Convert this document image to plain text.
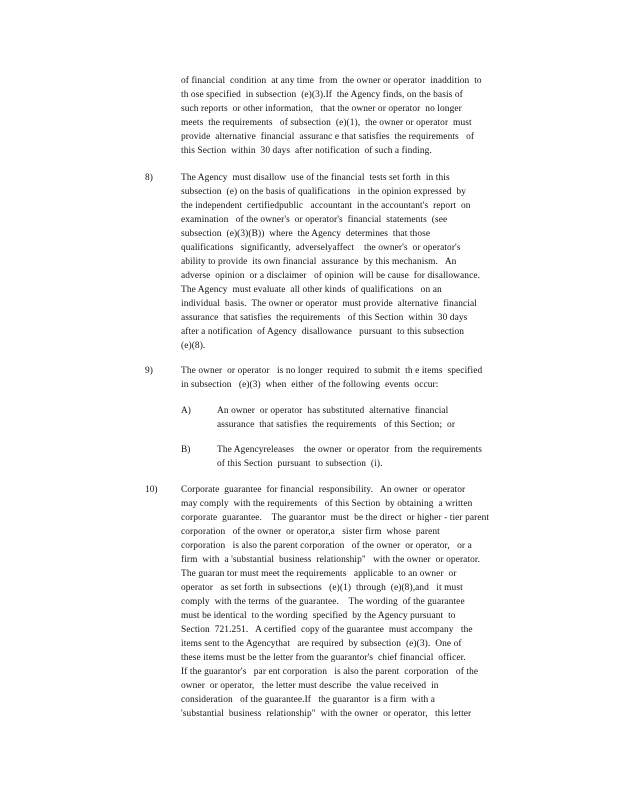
of financial  condition  at any time  from  the owner or operator  inaddition  to
th ose specified  in subsection  (e)(3).If  the Agency finds, on the basis of
such reports  or other information,   that the owner or operator  no longer
meets  the requirements   of subsection  (e)(1),  the owner or operator  must
provide  alternative  financial  assuranc e that satisfies  the requirements   of
this Section  within  30 days  after notification  of such a finding.
8)	The Agency  must disallow  use of the financial  tests set forth  in this
subsection  (e) on the basis of qualifications   in the opinion expressed  by
the independent  certifiedpublic   accountant  in the accountant's  report  on
examination   of the owner's  or operator's  financial  statements  (see
subsection  (e)(3)(B))  where  the Agency  determines  that those
qualifications   significantly,  adverselyaffect    the owner's  or operator's
ability to provide  its own financial  assurance  by this mechanism.   An
adverse  opinion  or a disclaimer   of opinion  will be cause  for disallowance.
The Agency  must evaluate  all other kinds  of qualifications   on an
individual  basis.  The owner or operator  must provide  alternative  financial
assurance  that satisfies  the requirements   of this Section  within  30 days
after a notification  of Agency  disallowance   pursuant  to this subsection
(e)(8).
9)	The owner  or operator   is no longer  required  to submit  th e items  specified
in subsection   (e)(3)  when  either  of the following  events  occur:
A)	An owner  or operator  has substituted  alternative  financial
assurance  that satisfies  the requirements   of this Section;  or
B)	The Agencyreleases    the owner  or operator  from  the requirements
of this Section  pursuant  to subsection  (i).
10)	Corporate  guarantee  for financial  responsibility.   An owner  or operator
may comply  with the requirements   of this Section  by obtaining  a written
corporate  guarantee.    The guarantor  must  be the direct  or higher - tier parent
corporation   of the owner  or operator,a   sister firm  whose  parent
corporation   is also the parent corporation   of the owner  or operator,   or a
firm  with  a 'substantial  business  relationship"   with the owner  or operator.
The guaran tor must meet the requirements   applicable  to an owner  or
operator   as set forth  in subsections   (e)(1)  through  (e)(8),and   it must
comply  with the terms  of the guarantee.    The wording  of the guarantee
must be identical  to the wording  specified  by the Agency pursuant  to
Section  721.251.   A certified  copy of the guarantee  must accompany   the
items sent to the Agencythat   are required  by subsection  (e)(3).  One of
these items must be the letter from the guarantor's  chief financial  officer.
If the guarantor's   par ent corporation   is also the parent  corporation   of the
owner  or operator,   the letter must describe  the value received  in
consideration   of the guarantee.If   the guarantor  is a firm  with a
'substantial  business  relationship"  with the owner  or operator,   this letter
